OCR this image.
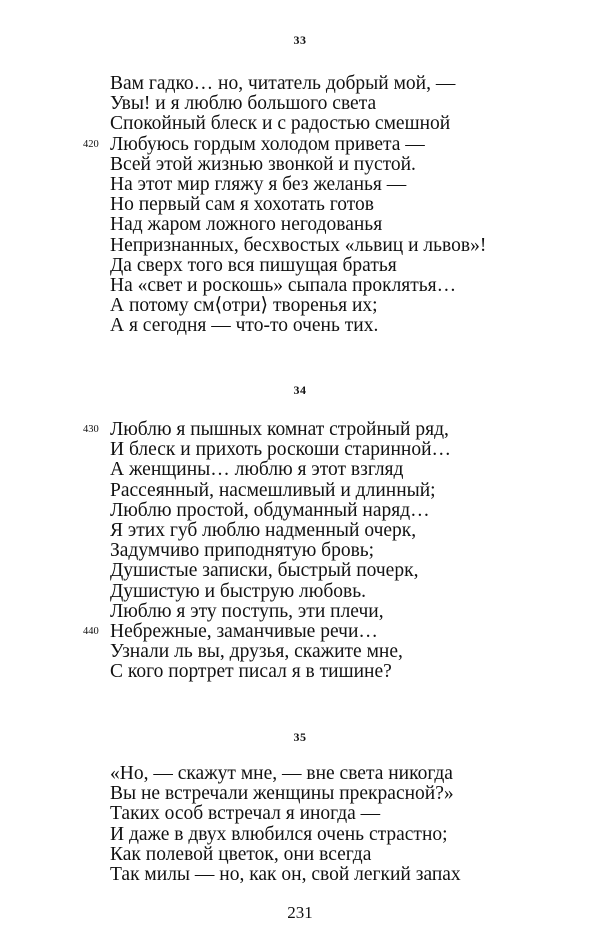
33
Вам гадко… но, читатель добрый мой, —
Увы! и я люблю большого света
Спокойный блеск и с радостью смешной
420 Любуюсь гордым холодом привета —
Всей этой жизнью звонкой и пустой.
На этот мир гляжу я без желанья —
Но первый сам я хохотать готов
Над жаром ложного негодованья
Непризнанных, бесхвостых «львиц и львов»!
Да сверх того вся пишущая братья
На «свет и роскошь» сыпала проклятья…
А потому см⟨отри⟩ творенья их;
А я сегодня — что-то очень тих.
34
430 Люблю я пышных комнат стройный ряд,
И блеск и прихоть роскоши старинной…
А женщины… люблю я этот взгляд
Рассеянный, насмешливый и длинный;
Люблю простой, обдуманный наряд…
Я этих губ люблю надменный очерк,
Задумчиво приподнятую бровь;
Душистые записки, быстрый почерк,
Душистую и быструю любовь.
Люблю я эту поступь, эти плечи,
440 Небрежные, заманчивые речи…
Узнали ль вы, друзья, скажите мне,
С кого портрет писал я в тишине?
35
«Но, — скажут мне, — вне света никогда
Вы не встречали женщины прекрасной?»
Таких особ встречал я иногда —
И даже в двух влюбился очень страстно;
Как полевой цветок, они всегда
Так милы — но, как он, свой легкий запах
231
